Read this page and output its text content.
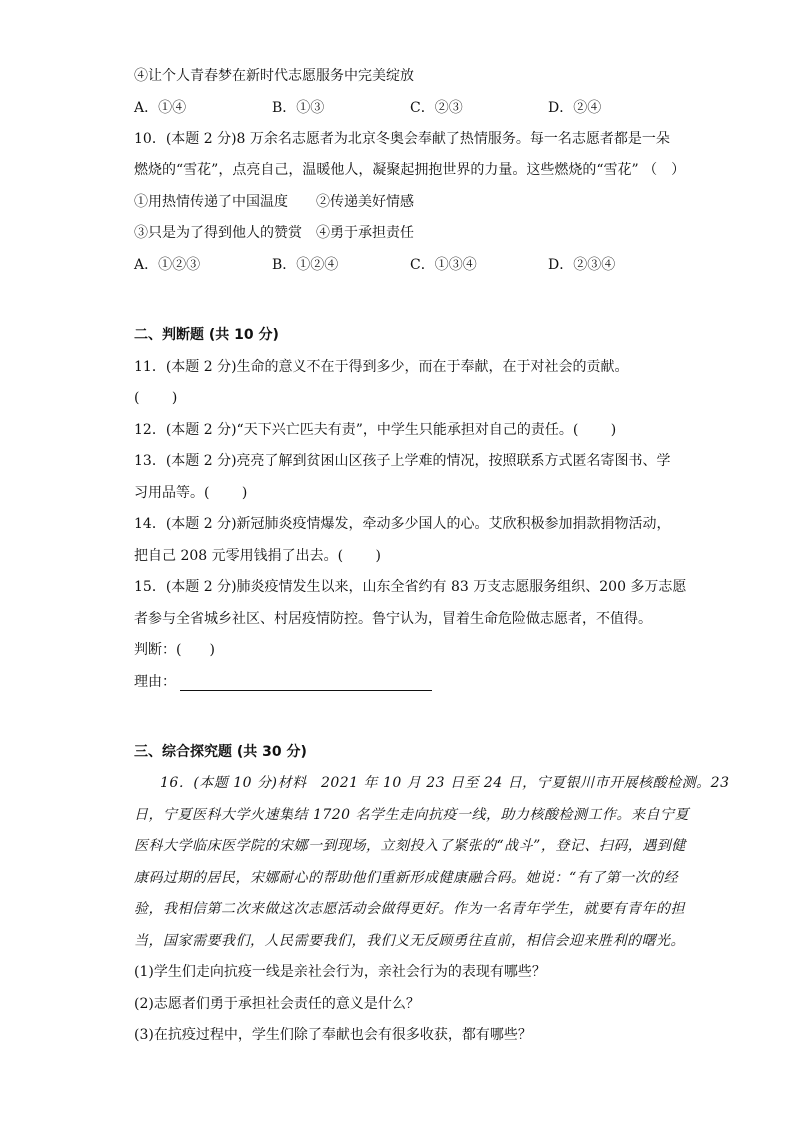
④让个人青春梦在新时代志愿服务中完美绽放
A．①④	B．①③	C．②③	D．②④
10．(本题 2 分)8 万余名志愿者为北京冬奥会奉献了热情服务。每一名志愿者都是一朵
燃烧的“雪花”，点亮自己，温暖他人，凝聚起拥抱世界的力量。这些燃烧的“雪花” （　）
①用热情传递了中国温度　　②传递美好情感
③只是为了得到他人的赞赏　④勇于承担责任
A．①②③	B．①②④	C．①③④	D．②③④
二、判断题 (共 10 分)
11．(本题 2 分)生命的意义不在于得到多少，而在于奉献，在于对社会的贡献。
(　　 )
12．(本题 2 分)“天下兴亡匹夫有责”，中学生只能承担对自己的责任。(　　 )
13．(本题 2 分)亮亮了解到贫困山区孩子上学难的情况，按照联系方式匿名寄图书、学
习用品等。(　　 )
14．(本题 2 分)新冠肺炎疫情爆发，牵动多少国人的心。艾欣积极参加捐款捐物活动，
把自己 208 元零用钱捐了出去。(　　 )
15．(本题 2 分)肺炎疫情发生以来，山东全省约有 83 万支志愿服务组织、200 多万志愿
者参与全省城乡社区、村居疫情防控。鲁宁认为，冒着生命危险做志愿者，不值得。
判断：(　　)
理由：
三、综合探究题 (共 30 分)
16．(本题 10 分)材料　2021 年 10 月 23 日至 24 日，宁夏银川市开展核酸检测。23
日，宁夏医科大学火速集结 1720 名学生走向抗疫一线，助力核酸检测工作。来自宁夏
医科大学临床医学院的宋娜一到现场，立刻投入了紧张的“战斗”，登记、扫码，遇到健
康码过期的居民，宋娜耐心的帮助他们重新形成健康融合码。她说：“有了第一次的经
验，我相信第二次来做这次志愿活动会做得更好。作为一名青年学生，就要有青年的担
当，国家需要我们，人民需要我们，我们义无反顾勇往直前，相信会迎来胜利的曙光。
(1)学生们走向抗疫一线是亲社会行为，亲社会行为的表现有哪些？
(2)志愿者们勇于承担社会责任的意义是什么？
(3)在抗疫过程中，学生们除了奉献也会有很多收获，都有哪些？
